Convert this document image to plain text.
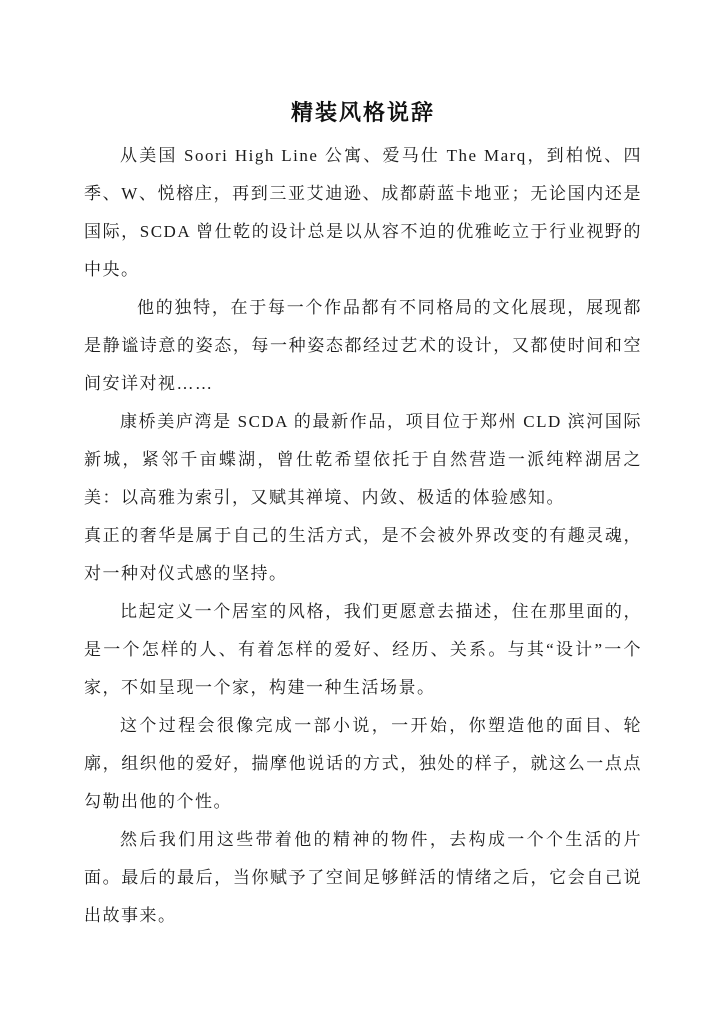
精装风格说辞

从美国 Soori High Line 公寓、爱马仕 The Marq，到柏悦、四季、W、悦榕庄，再到三亚艾迪逊、成都蔚蓝卡地亚；无论国内还是国际，SCDA 曾仕乾的设计总是以从容不迫的优雅屹立于行业视野的中央。

他的独特，在于每一个作品都有不同格局的文化展现，展现都是静谧诗意的姿态，每一种姿态都经过艺术的设计，又都使时间和空间安详对视……

康桥美庐湾是 SCDA 的最新作品，项目位于郑州 CLD 滨河国际新城，紧邻千亩蝶湖，曾仕乾希望依托于自然营造一派纯粹湖居之美：以高雅为索引，又赋其禅境、内敛、极适的体验感知。

真正的奢华是属于自己的生活方式，是不会被外界改变的有趣灵魂，对一种对仪式感的坚持。

比起定义一个居室的风格，我们更愿意去描述，住在那里面的，是一个怎样的人、有着怎样的爱好、经历、关系。与其“设计”一个家，不如呈现一个家，构建一种生活场景。

这个过程会很像完成一部小说，一开始，你塑造他的面目、轮廓，组织他的爱好，揣摩他说话的方式，独处的样子，就这么一点点勾勒出他的个性。

然后我们用这些带着他的精神的物件，去构成一个个生活的片面。最后的最后，当你赋予了空间足够鲜活的情绪之后，它会自己说出故事来。
